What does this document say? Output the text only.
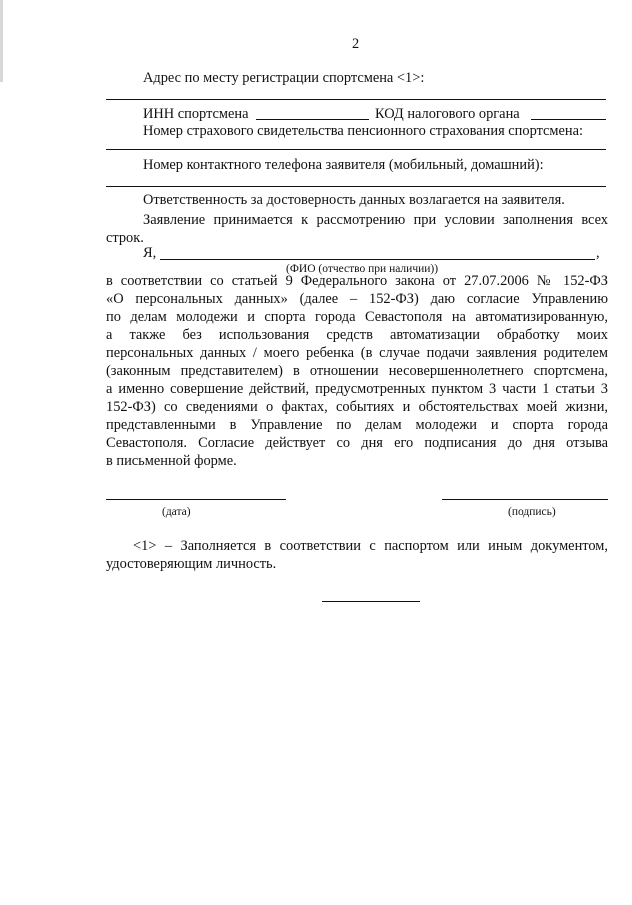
2
Адрес по месту регистрации спортсмена <1>:
ИНН спортсмена	КОД налогового органа
Номер страхового свидетельства пенсионного страхования спортсмена:
Номер контактного телефона заявителя (мобильный, домашний):
Ответственность за достоверность данных возлагается на заявителя.
Заявление принимается к рассмотрению при условии заполнения всех
строк.
Я,	,
(ФИО (отчество при наличии))
в соответствии со статьей 9 Федерального закона от 27.07.2006 № 152-ФЗ
«О персональных данных» (далее – 152-ФЗ) даю согласие Управлению
по делам молодежи и спорта города Севастополя на автоматизированную,
а также без использования средств автоматизации обработку моих
персональных данных / моего ребенка (в случае подачи заявления родителем
(законным представителем) в отношении несовершеннолетнего спортсмена,
а именно совершение действий, предусмотренных пунктом 3 части 1 статьи 3
152-ФЗ) со сведениями о фактах, событиях и обстоятельствах моей жизни,
представленными в Управление по делам молодежи и спорта города
Севастополя. Согласие действует со дня его подписания до дня отзыва
в письменной форме.
(дата)	(подпись)
<1> – Заполняется в соответствии с паспортом или иным документом,
удостоверяющим личность.
